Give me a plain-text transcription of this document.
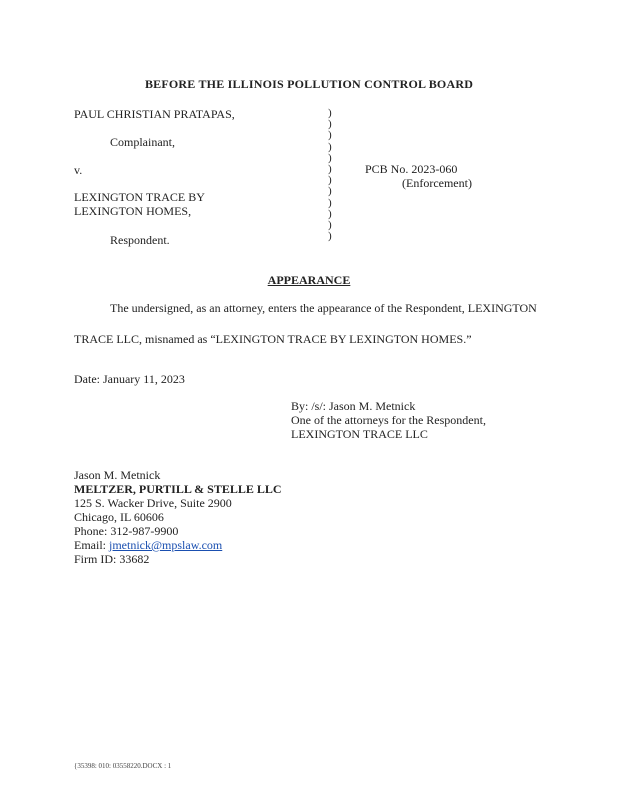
BEFORE THE ILLINOIS POLLUTION CONTROL BOARD
PAUL CHRISTIAN PRATAPAS,
Complainant,
v.
LEXINGTON TRACE BY
LEXINGTON HOMES,
Respondent.
)
)
)
)
)
)
)
)
)
)
)
)
PCB No. 2023-060
(Enforcement)
APPEARANCE
The undersigned, as an attorney, enters the appearance of the Respondent, LEXINGTON
TRACE LLC, misnamed as “LEXINGTON TRACE BY LEXINGTON HOMES.”
Date: January 11, 2023
By: /s/: Jason M. Metnick
One of the attorneys for the Respondent,
LEXINGTON TRACE LLC
Jason M. Metnick
MELTZER, PURTILL & STELLE LLC
125 S. Wacker Drive, Suite 2900
Chicago, IL 60606
Phone: 312-987-9900
Email: jmetnick@mpslaw.com
Firm ID: 33682
{35398: 010: 03558220.DOCX : 1
